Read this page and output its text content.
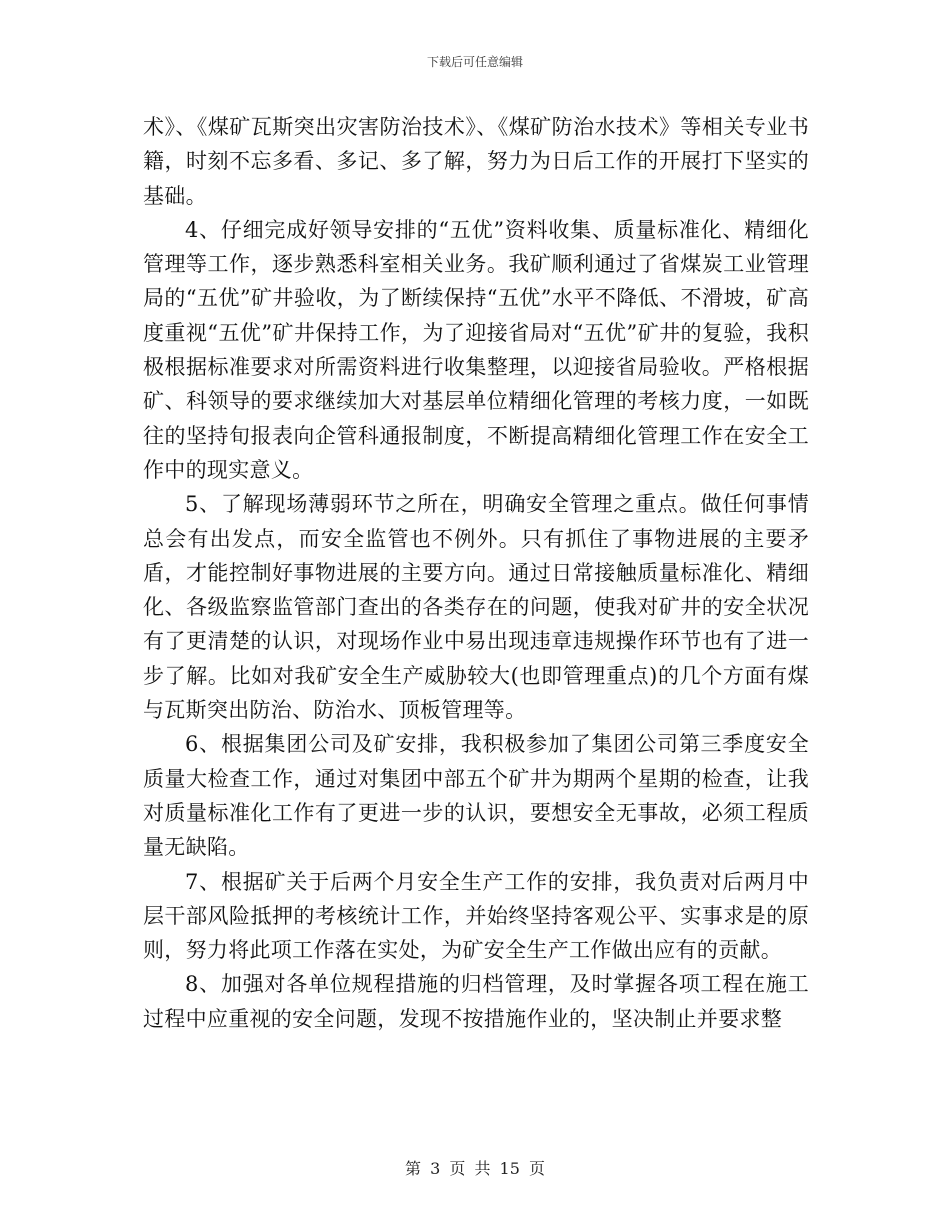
下载后可任意编辑

术》、《煤矿瓦斯突出灾害防治技术》、《煤矿防治水技术》等相关专业书籍，时刻不忘多看、多记、多了解，努力为日后工作的开展打下坚实的基础。

4、仔细完成好领导安排的“五优”资料收集、质量标准化、精细化管理等工作，逐步熟悉科室相关业务。我矿顺利通过了省煤炭工业管理局的“五优”矿井验收，为了断续保持“五优”水平不降低、不滑坡，矿高度重视“五优”矿井保持工作，为了迎接省局对“五优”矿井的复验，我积极根据标准要求对所需资料进行收集整理，以迎接省局验收。严格根据矿、科领导的要求继续加大对基层单位精细化管理的考核力度，一如既往的坚持旬报表向企管科通报制度，不断提高精细化管理工作在安全工作中的现实意义。

5、了解现场薄弱环节之所在，明确安全管理之重点。做任何事情总会有出发点，而安全监管也不例外。只有抓住了事物进展的主要矛盾，才能控制好事物进展的主要方向。通过日常接触质量标准化、精细化、各级监察监管部门查出的各类存在的问题，使我对矿井的安全状况有了更清楚的认识，对现场作业中易出现违章违规操作环节也有了进一步了解。比如对我矿安全生产威胁较大(也即管理重点)的几个方面有煤与瓦斯突出防治、防治水、顶板管理等。

6、根据集团公司及矿安排，我积极参加了集团公司第三季度安全质量大检查工作，通过对集团中部五个矿井为期两个星期的检查，让我对质量标准化工作有了更进一步的认识，要想安全无事故，必须工程质量无缺陷。

7、根据矿关于后两个月安全生产工作的安排，我负责对后两月中层干部风险抵押的考核统计工作，并始终坚持客观公平、实事求是的原则，努力将此项工作落在实处，为矿安全生产工作做出应有的贡献。

8、加强对各单位规程措施的归档管理，及时掌握各项工程在施工过程中应重视的安全问题，发现不按措施作业的，坚决制止并要求整

第 3 页 共 15 页
